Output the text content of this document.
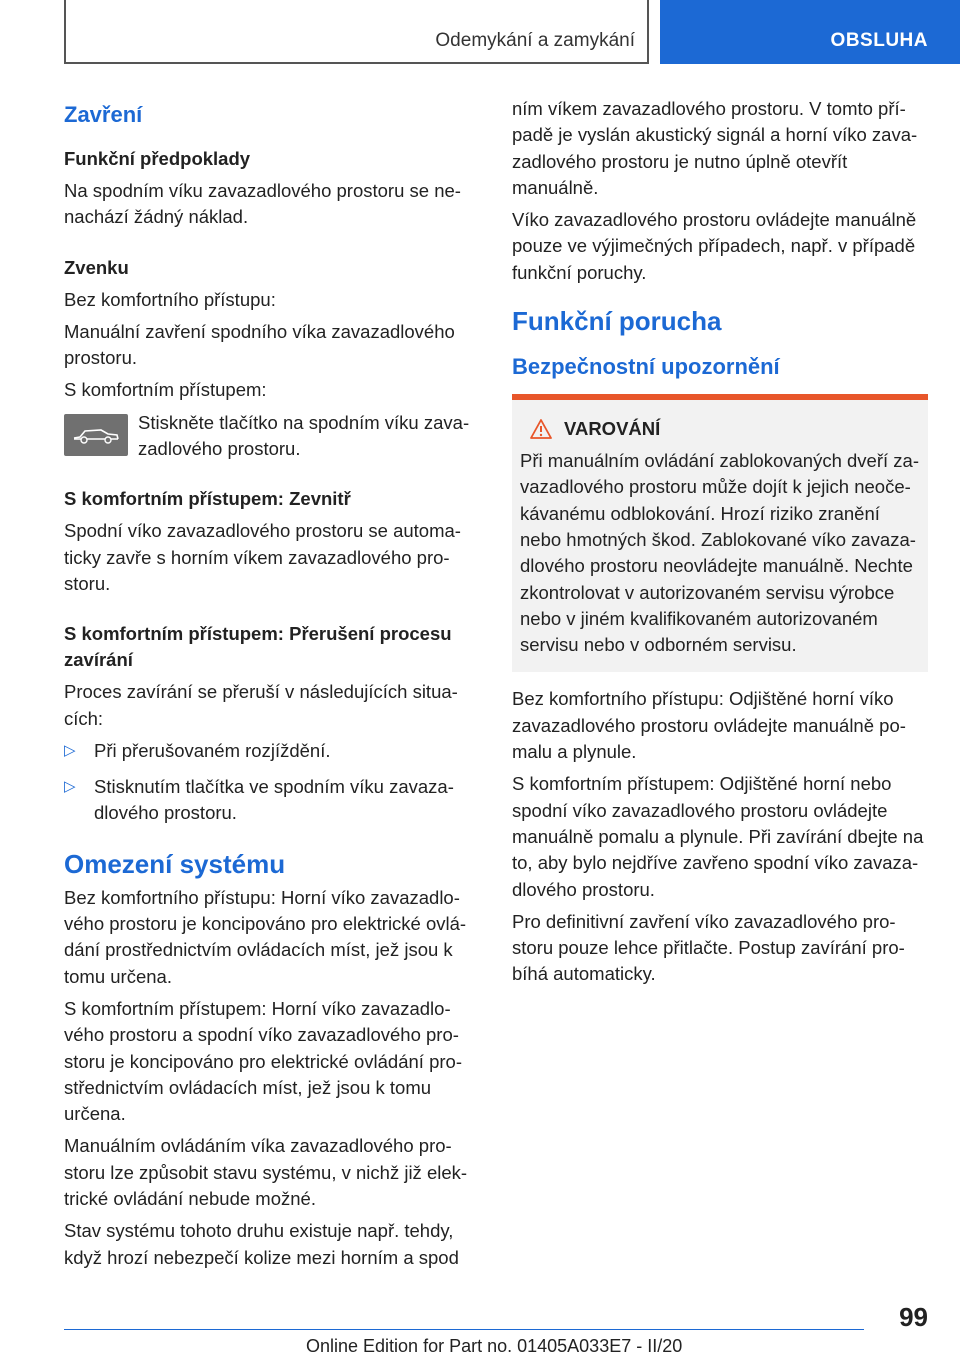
Odemykání a zamykání	OBSLUHA
Zavření
Funkční předpoklady

Na spodním víku zavazadlového prostoru se nenachází žádný náklad.

Zvenku

Bez komfortního přístupu:

Manuální zavření spodního víka zavazadlového prostoru.

S komfortním přístupem:

Stiskněte tlačítko na spodním víku zavazadlového prostoru.

S komfortním přístupem: Zevnitř

Spodní víko zavazadlového prostoru se automaticky zavře s horním víkem zavazadlového prostoru.

S komfortním přístupem: Přerušení procesu zavírání

Proces zavírání se přeruší v následujících situacích:

▷ Při přerušovaném rozjíždění.
▷ Stisknutím tlačítka ve spodním víku zavazadlového prostoru.
Omezení systému

Bez komfortního přístupu: Horní víko zavazadlového prostoru je koncipováno pro elektrické ovládání prostřednictvím ovládacích míst, jež jsou k tomu určena.

S komfortním přístupem: Horní víko zavazadlového prostoru a spodní víko zavazadlového prostoru je koncipováno pro elektrické ovládání prostřednictvím ovládacích míst, jež jsou k tomu určena.

Manuálním ovládáním víka zavazadlového prostoru lze způsobit stavu systému, v nichž již elektrické ovládání nebude možné.

Stav systému tohoto druhu existuje např. tehdy, když hrozí nebezpečí kolize mezi horním a spod

ním víkem zavazadlového prostoru. V tomto případě je vyslán akustický signál a horní víko zavazadlového prostoru je nutno úplně otevřít manuálně.

Víko zavazadlového prostoru ovládejte manuálně pouze ve výjimečných případech, např. v případě funkční poruchy.

Funkční porucha
Bezpečnostní upozornění
VAROVÁNÍ

Při manuálním ovládání zablokovaných dveří zavazadlového prostoru může dojít k jejich neočekávanému odblokování. Hrozí riziko zranění nebo hmotných škod. Zablokované víko zavazadlového prostoru neovládejte manuálně. Nechte zkontrolovat v autorizovaném servisu výrobce nebo v jiném kvalifikovaném autorizovaném servisu nebo v odborném servisu.

Bez komfortního přístupu: Odjištěné horní víko zavazadlového prostoru ovládejte manuálně pomalu a plynule.

S komfortním přístupem: Odjištěné horní nebo spodní víko zavazadlového prostoru ovládejte manuálně pomalu a plynule. Při zavírání dbejte na to, aby bylo nejdříve zavřeno spodní víko zavazadlového prostoru.

Pro definitivní zavření víko zavazadlového prostoru pouze lehce přitlačte. Postup zavírání probíhá automaticky.

99
Online Edition for Part no. 01405A033E7 - II/20
